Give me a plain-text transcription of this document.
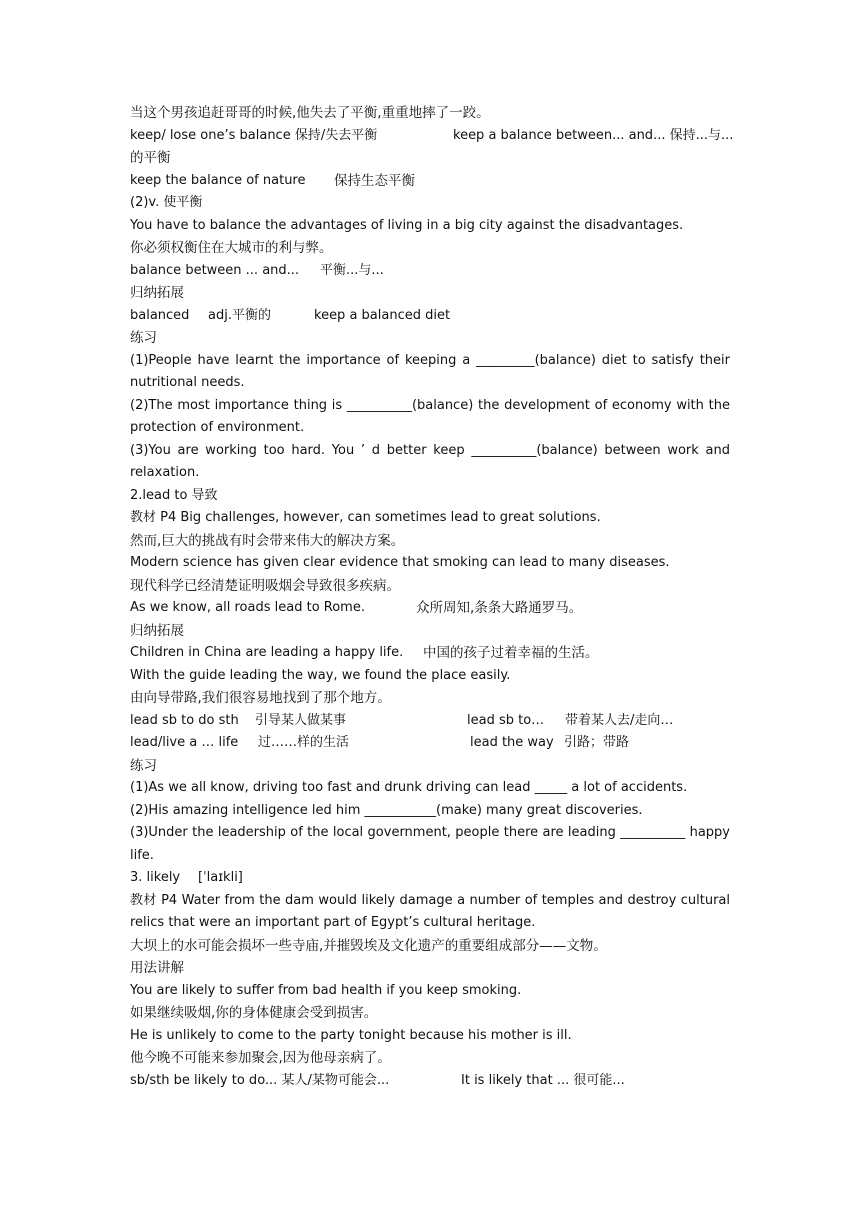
当这个男孩追赶哥哥的时候,他失去了平衡,重重地摔了一跤。
keep/ lose one’s balance 保持/失去平衡	keep a balance between... and... 保持...与...
的平衡
keep the balance of nature 保持生态平衡
(2)v. 使平衡
You have to balance the advantages of living in a big city against the disadvantages.
你必须权衡住在大城市的利与弊。
balance between ... and... 平衡...与...
归纳拓展
balanced adj.平衡的	keep a balanced diet
练习
(1)People have learnt the importance of keeping a _________(balance) diet to satisfy their nutritional needs.
(2)The most importance thing is __________(balance) the development of economy with the protection of environment.
(3)You are working too hard. You ’ d better keep __________(balance) between work and relaxation.
2.lead to 导致
教材 P4 Big challenges, however, can sometimes lead to great solutions.
然而,巨大的挑战有时会带来伟大的解决方案。
Modern science has given clear evidence that smoking can lead to many diseases.
现代科学已经清楚证明吸烟会导致很多疾病。
As we know, all roads lead to Rome.	众所周知,条条大路通罗马。
归纳拓展
Children in China are leading a happy life. 中国的孩子过着幸福的生活。
With the guide leading the way, we found the place easily.
由向导带路,我们很容易地找到了那个地方。
lead sb to do sth 引导某人做某事	lead sb to… 带着某人去/走向…
lead/live a … life 过……样的生活	lead the way 引路；带路
练习
(1)As we all know, driving too fast and drunk driving can lead _____ a lot of accidents.
(2)His amazing intelligence led him ___________(make) many great discoveries.
(3)Under the leadership of the local government, people there are leading __________ happy life.
3. likely [ˈlaɪkli]
教材 P4 Water from the dam would likely damage a number of temples and destroy cultural relics that were an important part of Egypt’s cultural heritage.
大坝上的水可能会损坏一些寺庙,并摧毁埃及文化遗产的重要组成部分——文物。
用法讲解
You are likely to suffer from bad health if you keep smoking.
如果继续吸烟,你的身体健康会受到损害。
He is unlikely to come to the party tonight because his mother is ill.
他今晚不可能来参加聚会,因为他母亲病了。
sb/sth be likely to do... 某人/某物可能会...	It is likely that ... 很可能...
